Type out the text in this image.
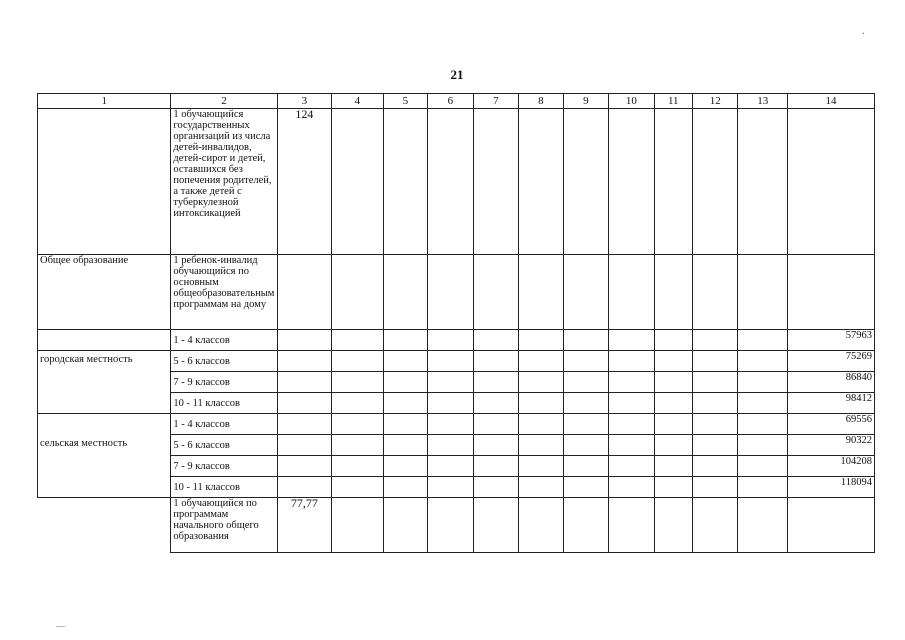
.
21
1	2	3	4	5	6	7	8	9	10	11	12	13	14
	1 обучающийся государственных организаций из числа детей-инвалидов, детей-сирот и детей, оставшихся без попечения родителей, а также детей с туберкулезной интоксикацией	124											
Общее образование	1 ребенок-инвалид обучающийся по основным общеобразовательным программам на дому												
	1 - 4 классов												57963
городская местность	5 - 6 классов												75269
	7 - 9 классов												86840
	10 - 11 классов												98412
сельская местность	1 - 4 классов												69556
	5 - 6 классов												90322
	7 - 9 классов												104208
	10 - 11 классов												118094
	1 обучающийся по программам начального общего образования	77,77											
—
